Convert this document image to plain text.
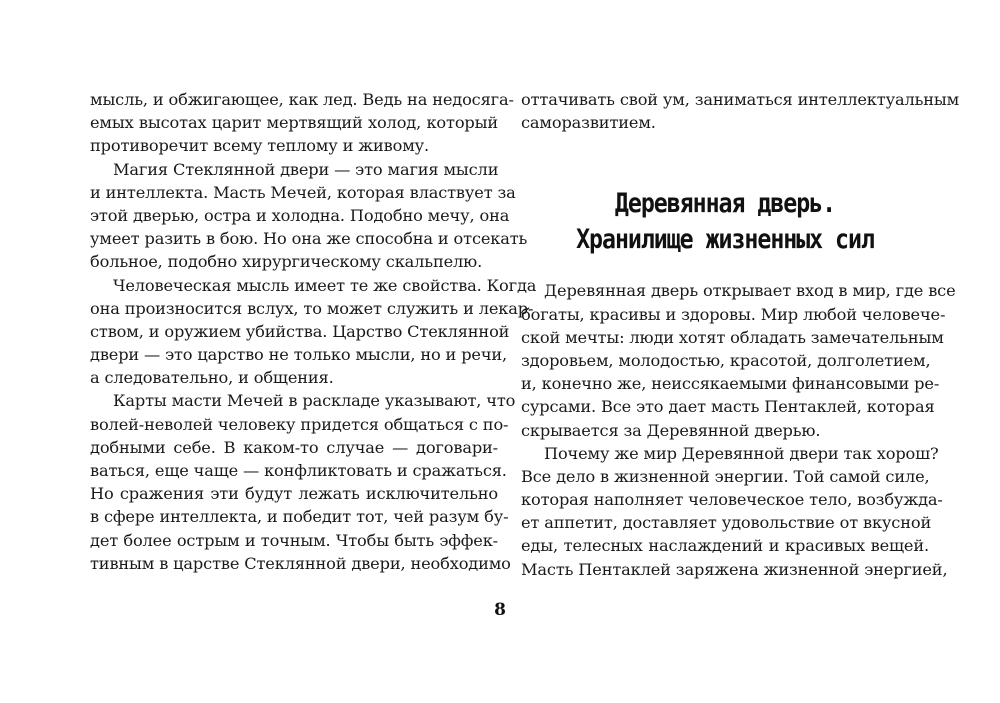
мысль, и обжигающее, как лед. Ведь на недосяга-
емых высотах царит мертвящий холод, который
противоречит всему теплому и живому.
Магия Стеклянной двери — это магия мысли
и интеллекта. Масть Мечей, которая властвует за
этой дверью, остра и холодна. Подобно мечу, она
умеет разить в бою. Но она же способна и отсекать
больное, подобно хирургическому скальпелю.
Человеческая мысль имеет те же свойства. Когда
она произносится вслух, то может служить и лекар-
ством, и оружием убийства. Царство Стеклянной
двери — это царство не только мысли, но и речи,
а следовательно, и общения.
Карты масти Мечей в раскладе указывают, что
волей-неволей человеку придется общаться с по-
добными себе. В каком-то случае — договари-
ваться, еще чаще — конфликтовать и сражаться.
Но сражения эти будут лежать исключительно
в сфере интеллекта, и победит тот, чей разум бу-
дет более острым и точным. Чтобы быть эффек-
тивным в царстве Стеклянной двери, необходимо
оттачивать свой ум, заниматься интеллектуальным
саморазвитием.
Деревянная дверь.
Хранилище жизненных сил
Деревянная дверь открывает вход в мир, где все
богаты, красивы и здоровы. Мир любой человече-
ской мечты: люди хотят обладать замечательным
здоровьем, молодостью, красотой, долголетием,
и, конечно же, неиссякаемыми финансовыми ре-
сурсами. Все это дает масть Пентаклей, которая
скрывается за Деревянной дверью.
Почему же мир Деревянной двери так хорош?
Все дело в жизненной энергии. Той самой силе,
которая наполняет человеческое тело, возбужда-
ет аппетит, доставляет удовольствие от вкусной
еды, телесных наслаждений и красивых вещей.
Масть Пентаклей заряжена жизненной энергией,
8
